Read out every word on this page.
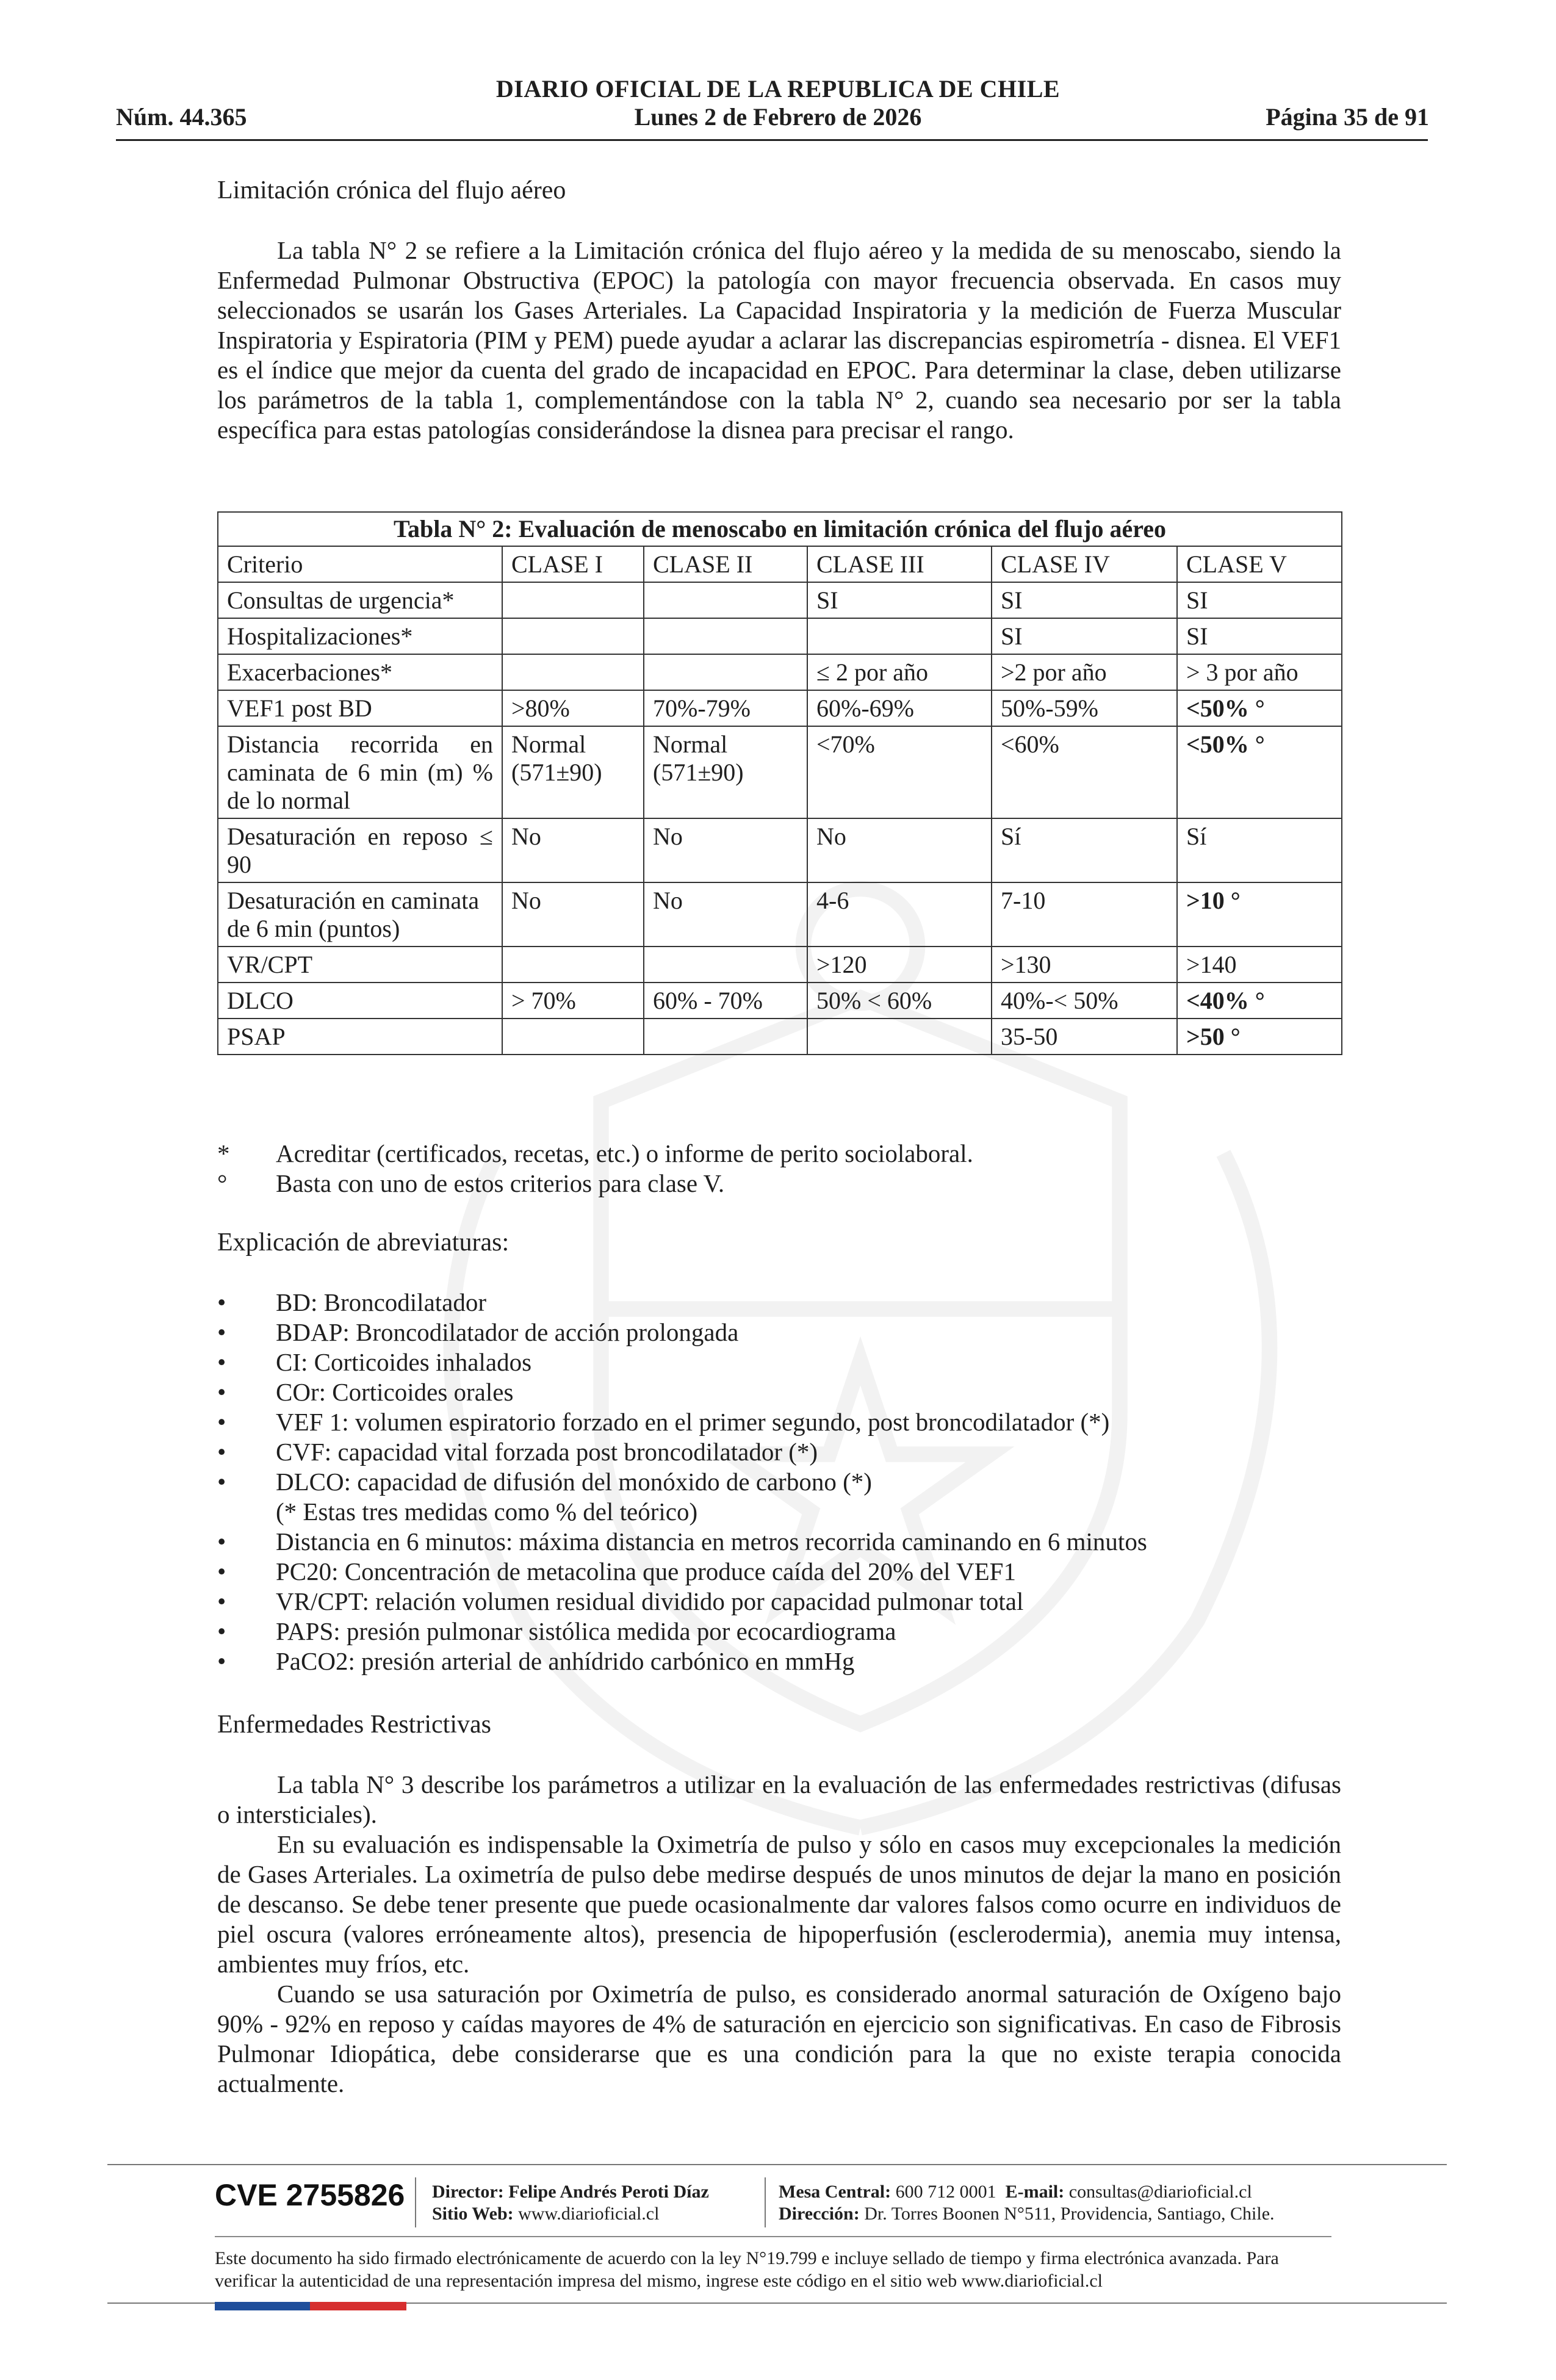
DIARIO OFICIAL DE LA REPUBLICA DE CHILE
Lunes 2 de Febrero de 2026
Núm. 44.365	Página 35 de 91
Limitación crónica del flujo aéreo

La tabla N° 2 se refiere a la Limitación crónica del flujo aéreo y la medida de su menoscabo, siendo la Enfermedad Pulmonar Obstructiva (EPOC) la patología con mayor frecuencia observada. En casos muy seleccionados se usarán los Gases Arteriales. La Capacidad Inspiratoria y la medición de Fuerza Muscular Inspiratoria y Espiratoria (PIM y PEM) puede ayudar a aclarar las discrepancias espirometría - disnea. El VEF1 es el índice que mejor da cuenta del grado de incapacidad en EPOC. Para determinar la clase, deben utilizarse los parámetros de la tabla 1, complementándose con la tabla N° 2, cuando sea necesario por ser la tabla específica para estas patologías considerándose la disnea para precisar el rango.

Tabla N° 2: Evaluación de menoscabo en limitación crónica del flujo aéreo					
Criterio	CLASE I	CLASE II	CLASE III	CLASE IV	CLASE V
Consultas de urgencia*			SI	SI	SI
Hospitalizaciones*				SI	SI
Exacerbaciones*			≤ 2 por año	>2 por año	> 3 por año
VEF1 post BD	>80%	70%-79%	60%-69%	50%-59%	<50% °
Distancia recorrida en caminata de 6 min (m) % de lo normal	Normal (571±90)	Normal (571±90)	<70%	<60%	<50% °
Desaturación en reposo ≤ 90	No	No	No	Sí	Sí
Desaturación en caminata de 6 min (puntos)	No	No	4-6	7-10	>10 °
VR/CPT			>120	>130	>140
DLCO	> 70%	60% - 70%	50% < 60%	40%-< 50%	<40% °
PSAP				35-50	>50 °
*	Acreditar (certificados, recetas, etc.) o informe de perito sociolaboral.
°	Basta con uno de estos criterios para clase V.
Explicación de abreviaturas:
•	BD: Broncodilatador
•	BDAP: Broncodilatador de acción prolongada
•	CI: Corticoides inhalados
•	COr: Corticoides orales
•	VEF 1: volumen espiratorio forzado en el primer segundo, post broncodilatador (*)
•	CVF: capacidad vital forzada post broncodilatador (*)
•	DLCO: capacidad de difusión del monóxido de carbono (*)
(* Estas tres medidas como % del teórico)
•	Distancia en 6 minutos: máxima distancia en metros recorrida caminando en 6 minutos
•	PC20: Concentración de metacolina que produce caída del 20% del VEF1
•	VR/CPT: relación volumen residual dividido por capacidad pulmonar total
•	PAPS: presión pulmonar sistólica medida por ecocardiograma
•	PaCO2: presión arterial de anhídrido carbónico en mmHg
Enfermedades Restrictivas

La tabla N° 3 describe los parámetros a utilizar en la evaluación de las enfermedades restrictivas (difusas o intersticiales).

En su evaluación es indispensable la Oximetría de pulso y sólo en casos muy excepcionales la medición de Gases Arteriales. La oximetría de pulso debe medirse después de unos minutos de dejar la mano en posición de descanso. Se debe tener presente que puede ocasionalmente dar valores falsos como ocurre en individuos de piel oscura (valores erróneamente altos), presencia de hipoperfusión (esclerodermia), anemia muy intensa, ambientes muy fríos, etc.

Cuando se usa saturación por Oximetría de pulso, es considerado anormal saturación de Oxígeno bajo 90% - 92% en reposo y caídas mayores de 4% de saturación en ejercicio son significativas. En caso de Fibrosis Pulmonar Idiopática, debe considerarse que es una condición para la que no existe terapia conocida actualmente.

CVE 2755826 Director: Felipe Andrés Peroti Díaz
Sitio Web: www.diarioficial.cl
Mesa Central: 600 712 0001 E-mail: consultas@diarioficial.cl
Dirección: Dr. Torres Boonen N°511, Providencia, Santiago, Chile.
Este documento ha sido firmado electrónicamente de acuerdo con la ley N°19.799 e incluye sellado de tiempo y firma electrónica avanzada. Para verificar la autenticidad de una representación impresa del mismo, ingrese este código en el sitio web www.diarioficial.cl
